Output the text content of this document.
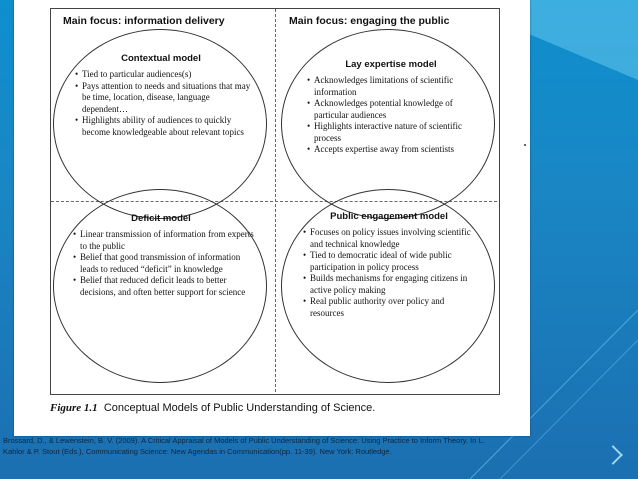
Main focus: information delivery	Main focus: engaging the public
Contextual model
• Tied to particular audiences(s)
• Pays attention to needs and situations that may be time, location, disease, language dependent…
• Highlights ability of audiences to quickly become knowledgeable about relevant topics
Lay expertise model
• Acknowledges limitations of scientific information
• Acknowledges potential knowledge of particular audiences
• Highlights interactive nature of scientific process
• Accepts expertise away from scientists
Deficit model
• Linear transmission of information from experts to the public
• Belief that good transmission of information leads to reduced “deficit” in knowledge
• Belief that reduced deficit leads to better decisions, and often better support for science
Public engagement model
• Focuses on policy issues involving scientific and technical knowledge
• Tied to democratic ideal of wide public participation in policy process
• Builds mechanisms for engaging citizens in active policy making
• Real public authority over policy and resources
Figure 1.1 Conceptual Models of Public Understanding of Science.
Brossard, D., & Lewenstein, B. V. (2009). A Critical Appraisal of Models of Public Understanding of Science: Using Practice to Inform Theory. In L. Kahlor & P. Stout (Eds.), Communicating Science: New Agendas in Communication(pp. 11-39). New York: Routledge.
